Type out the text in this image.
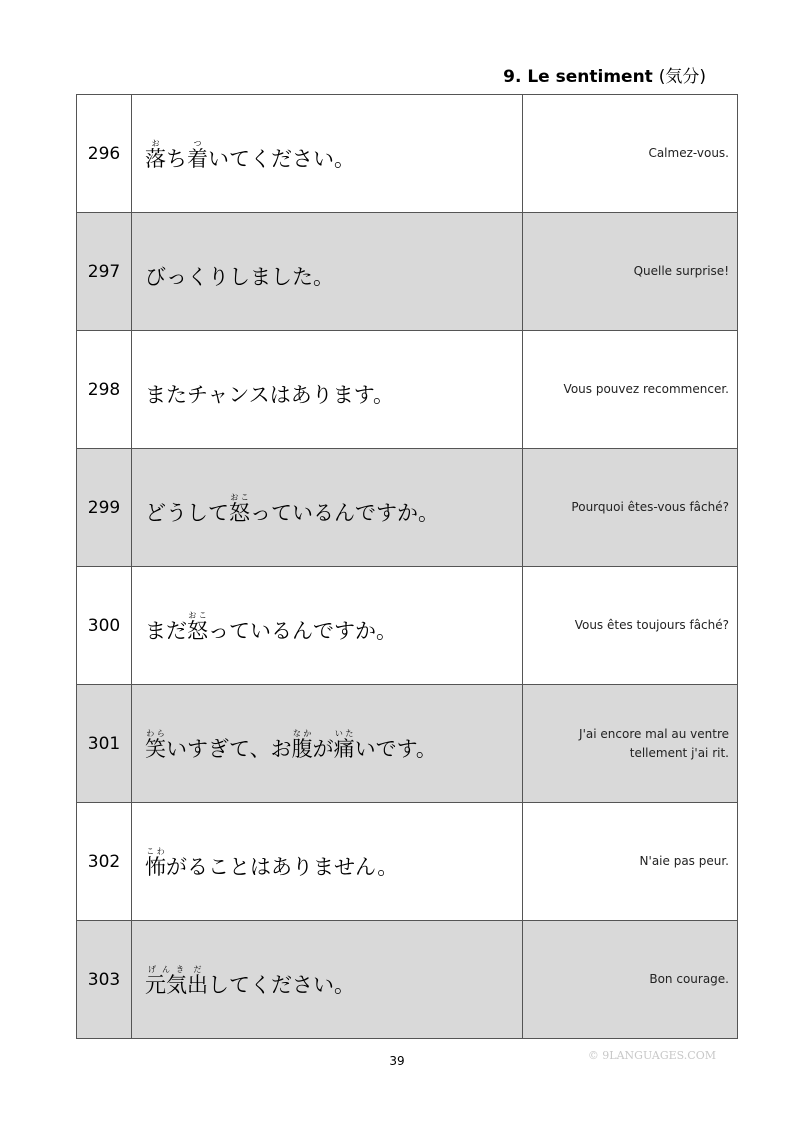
9. Le sentiment (気分)
296	落おち着ついてください。	Calmez-vous.
297	びっくりしました。	Quelle surprise!
298	またチャンスはあります。	Vous pouvez recommencer.
299	どうして怒おこっているんですか。	Pourquoi êtes-vous fâché?
300	まだ怒おこっているんですか。	Vous êtes toujours fâché?
301	笑わらいすぎて、お腹なかが痛いたいです。	J'ai encore mal au ventre
tellement j'ai rit.

302	怖こわがることはありません。	N'aie pas peur.
303	元気げんき出だしてください。	Bon courage.
39	© 9LANGUAGES.COM
